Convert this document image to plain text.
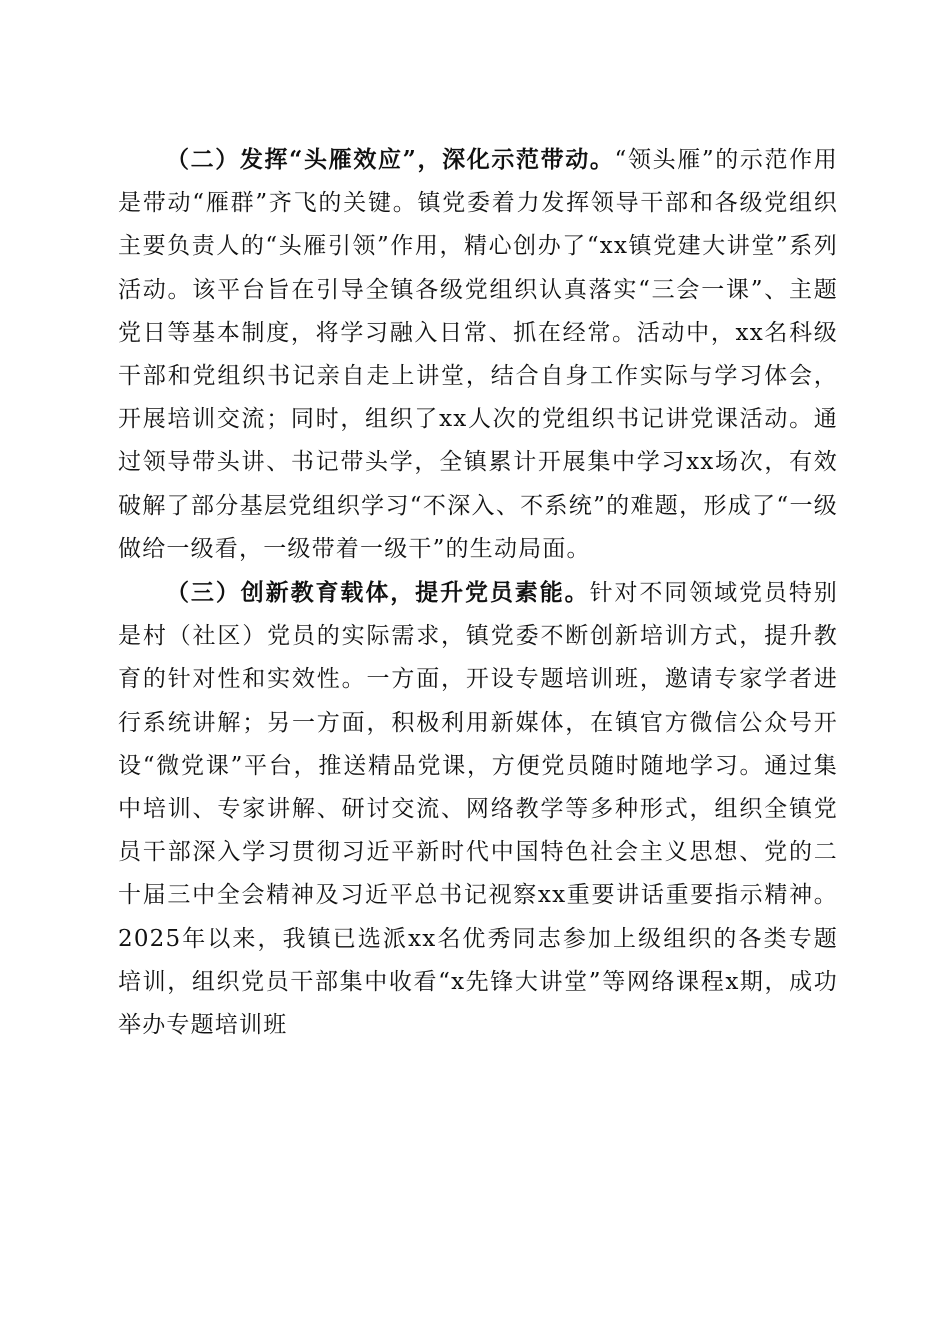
（二）发挥“头雁效应”，深化示范带动。“领头雁”的示范作用是带动“雁群”齐飞的关键。镇党委着力发挥领导干部和各级党组织主要负责人的“头雁引领”作用，精心创办了“xx镇党建大讲堂”系列活动。该平台旨在引导全镇各级党组织认真落实“三会一课”、主题党日等基本制度，将学习融入日常、抓在经常。活动中，xx名科级干部和党组织书记亲自走上讲堂，结合自身工作实际与学习体会，开展培训交流；同时，组织了xx人次的党组织书记讲党课活动。通过领导带头讲、书记带头学，全镇累计开展集中学习xx场次，有效破解了部分基层党组织学习“不深入、不系统”的难题，形成了“一级做给一级看，一级带着一级干”的生动局面。

（三）创新教育载体，提升党员素能。针对不同领域党员特别是村（社区）党员的实际需求，镇党委不断创新培训方式，提升教育的针对性和实效性。一方面，开设专题培训班，邀请专家学者进行系统讲解；另一方面，积极利用新媒体，在镇官方微信公众号开设“微党课”平台，推送精品党课，方便党员随时随地学习。通过集中培训、专家讲解、研讨交流、网络教学等多种形式，组织全镇党员干部深入学习贯彻习近平新时代中国特色社会主义思想、党的二十届三中全会精神及习近平总书记视察xx重要讲话重要指示精神。2025年以来，我镇已选派xx名优秀同志参加上级组织的各类专题培训，组织党员干部集中收看“x先锋大讲堂”等网络课程x期，成功举办专题培训班
